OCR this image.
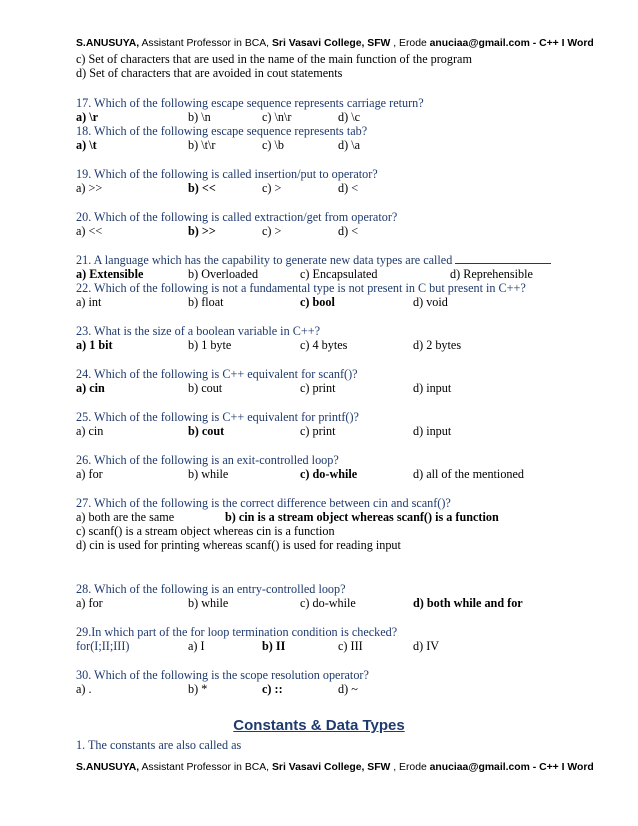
S.ANUSUYA, Assistant Professor in BCA, Sri Vasavi College, SFW , Erode anuciaa@gmail.com - C++ I Word
c) Set of characters that are used in the name of the main function of the program
d) Set of characters that are avoided in cout statements
17. Which of the following escape sequence represents carriage return?
a) \r	b) \n	c) \n\r	d) \c
18. Which of the following escape sequence represents tab?
a) \t	b) \t\r	c) \b	d) \a
19. Which of the following is called insertion/put to operator?
a) >>	b) <<	c) >	d) <
20. Which of the following is called extraction/get from operator?
a) <<	b) >>	c) >	d) <
21. A language which has the capability to generate new data types are called
a) Extensible	b) Overloaded	c) Encapsulated	d) Reprehensible
22. Which of the following is not a fundamental type is not present in C but present in C++?
a) int	b) float	c) bool	d) void
23. What is the size of a boolean variable in C++?
a) 1 bit	b) 1 byte	c) 4 bytes	d) 2 bytes
24. Which of the following is C++ equivalent for scanf()?
a) cin	b) cout	c) print	d) input
25. Which of the following is C++ equivalent for printf()?
a) cin	b) cout	c) print	d) input
26. Which of the following is an exit-controlled loop?
a) for	b) while	c) do-while	d) all of the mentioned
27. Which of the following is the correct difference between cin and scanf()?
a) both are the same	b) cin is a stream object whereas scanf() is a function
c) scanf() is a stream object whereas cin is a function
d) cin is used for printing whereas scanf() is used for reading input
28. Which of the following is an entry-controlled loop?
a) for	b) while	c) do-while	d) both while and for
29.In which part of the for loop termination condition is checked?
for(I;II;III)	a) I	b) II	c) III	d) IV
30. Which of the following is the scope resolution operator?
a) .	b) *	c) ::	d) ~
Constants & Data Types
1. The constants are also called as
S.ANUSUYA, Assistant Professor in BCA, Sri Vasavi College, SFW , Erode anuciaa@gmail.com - C++ I Word
